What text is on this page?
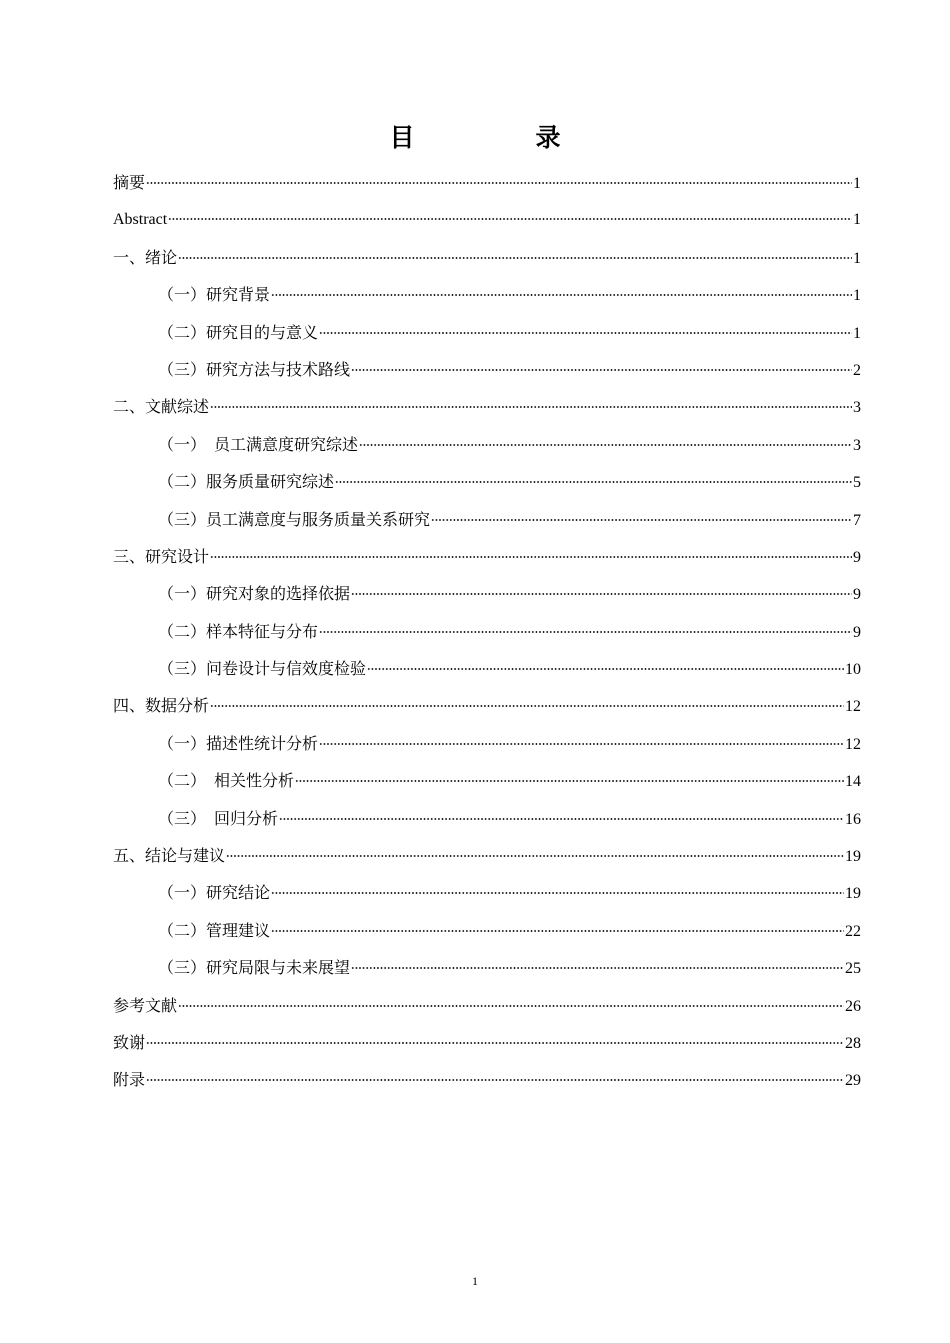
目　录
摘要	1
Abstract	1
一、绪论	1
（一）研究背景	1
（二）研究目的与意义	1
（三）研究方法与技术路线	2
二、文献综述	3
（一）　员工满意度研究综述	3
（二）服务质量研究综述	5
（三）员工满意度与服务质量关系研究	7
三、研究设计	9
（一）研究对象的选择依据	9
（二）样本特征与分布	9
（三）问卷设计与信效度检验	10
四、数据分析	12
（一）描述性统计分析	12
（二）　相关性分析	14
（三）　回归分析	16
五、结论与建议	19
（一）研究结论	19
（二）管理建议	22
（三）研究局限与未来展望	25
参考文献	26
致谢	28
附录	29

1
